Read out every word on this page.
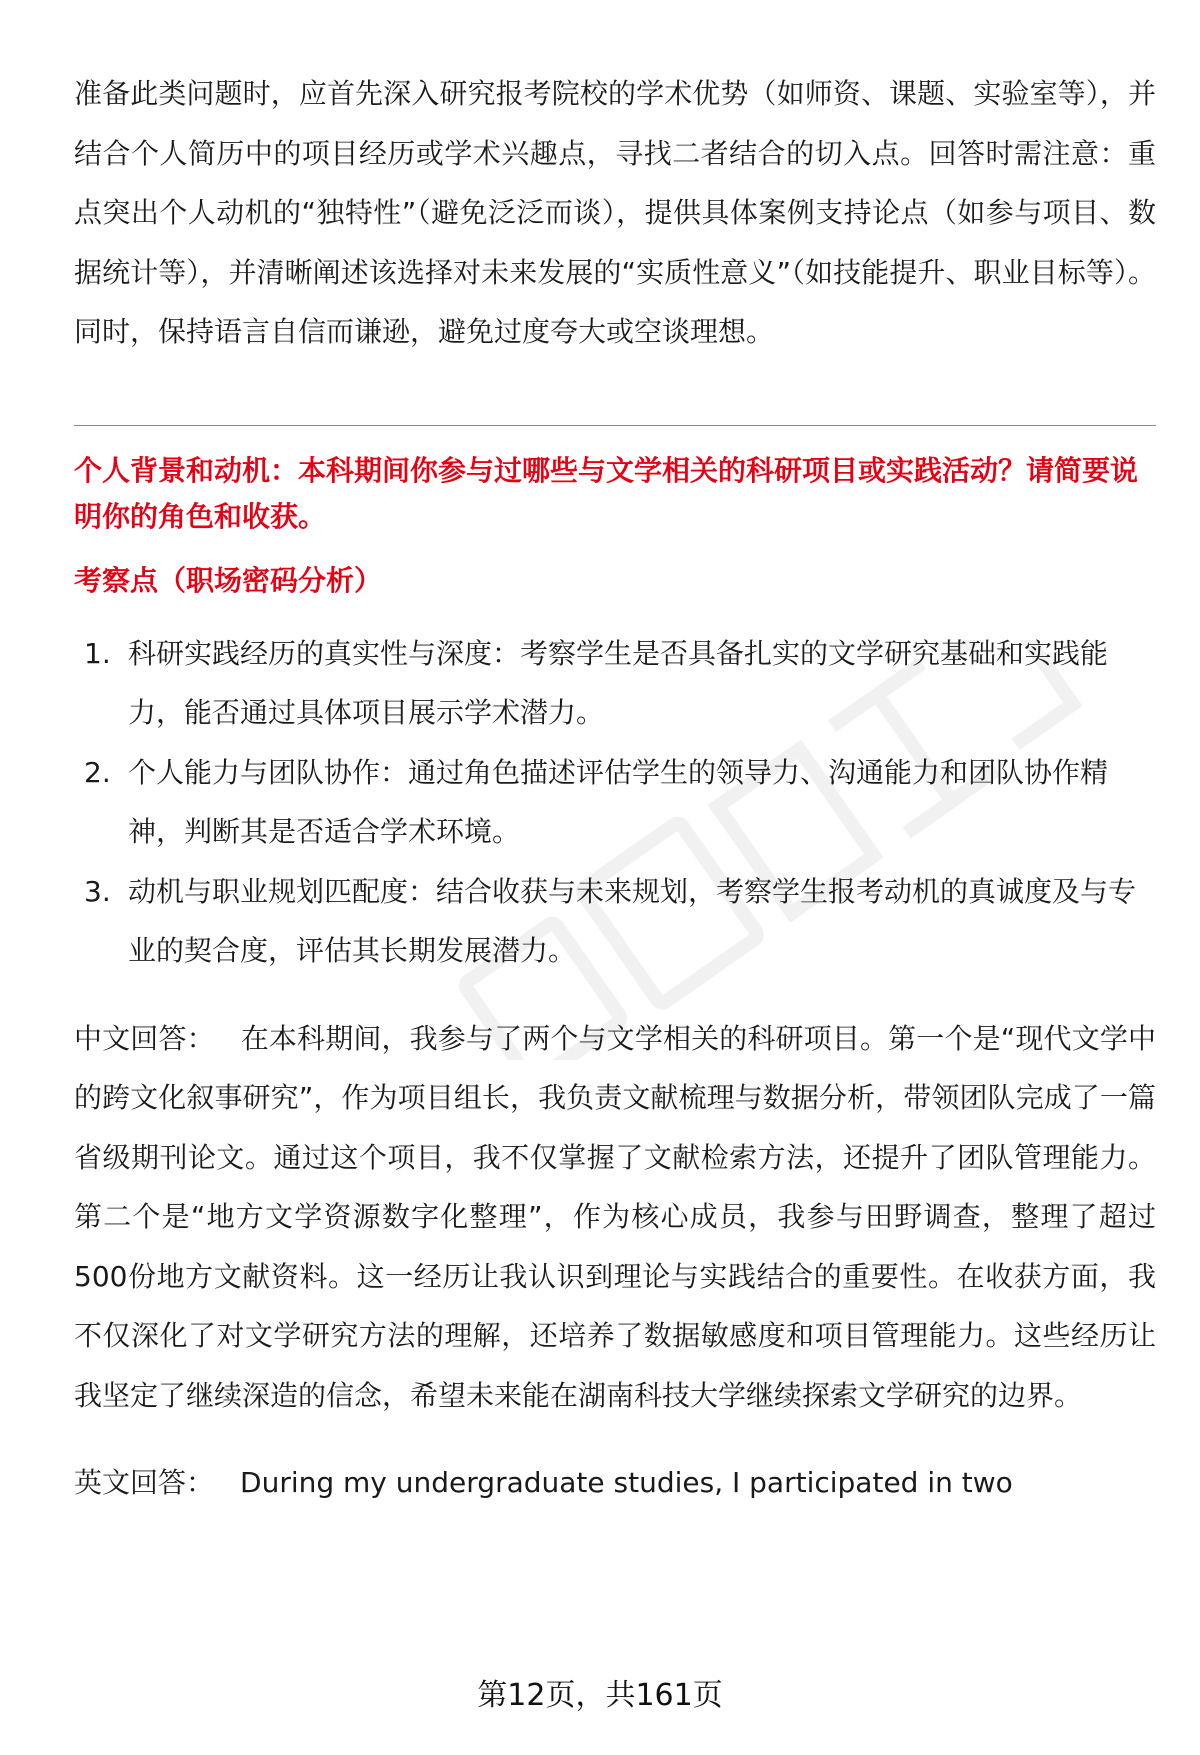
准备此类问题时，应首先深入研究报考院校的学术优势（如师资、课题、实验室等），并结合个人简历中的项目经历或学术兴趣点，寻找二者结合的切入点。回答时需注意：重点突出个人动机的“独特性”（避免泛泛而谈），提供具体案例支持论点（如参与项目、数据统计等），并清晰阐述该选择对未来发展的“实质性意义”（如技能提升、职业目标等）。同时，保持语言自信而谦逊，避免过度夸大或空谈理想。

个人背景和动机：本科期间你参与过哪些与文学相关的科研项目或实践活动？请简要说明你的角色和收获。

考察点（职场密码分析）

1. 科研实践经历的真实性与深度：考察学生是否具备扎实的文学研究基础和实践能力，能否通过具体项目展示学术潜力。
2. 个人能力与团队协作：通过角色描述评估学生的领导力、沟通能力和团队协作精神，判断其是否适合学术环境。
3. 动机与职业规划匹配度：结合收获与未来规划，考察学生报考动机的真诚度及与专业的契合度，评估其长期发展潜力。

中文回答： 在本科期间，我参与了两个与文学相关的科研项目。第一个是“现代文学中的跨文化叙事研究”，作为项目组长，我负责文献梳理与数据分析，带领团队完成了一篇省级期刊论文。通过这个项目，我不仅掌握了文献检索方法，还提升了团队管理能力。第二个是“地方文学资源数字化整理”，作为核心成员，我参与田野调查，整理了超过500份地方文献资料。这一经历让我认识到理论与实践结合的重要性。在收获方面，我不仅深化了对文学研究方法的理解，还培养了数据敏感度和项目管理能力。这些经历让我坚定了继续深造的信念，希望未来能在湖南科技大学继续探索文学研究的边界。

英文回答： During my undergraduate studies, I participated in two

第12页，共161页
